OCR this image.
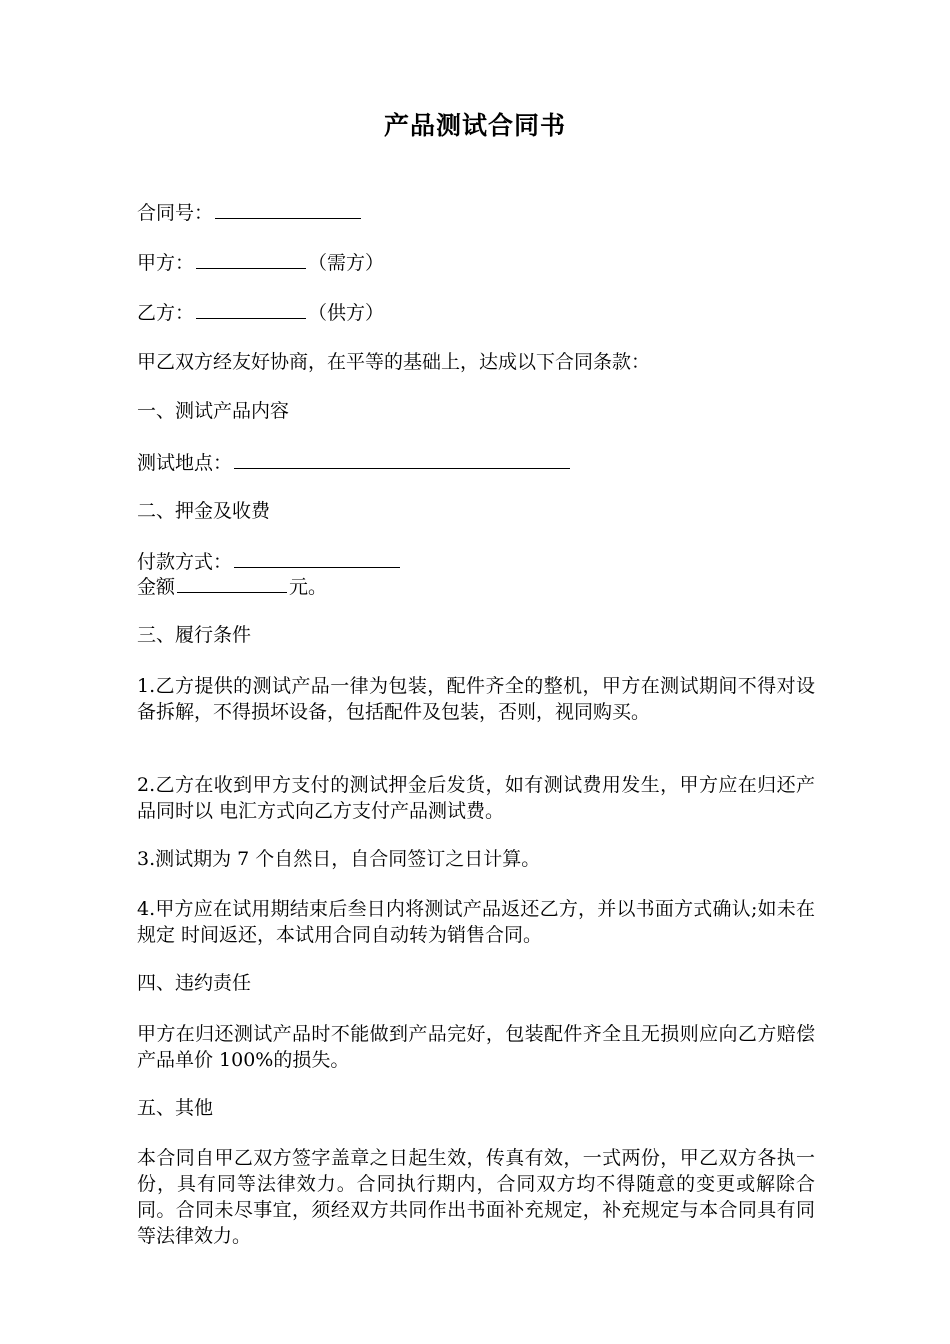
产品测试合同书
合同号：
甲方：	（需方）
乙方：	（供方）
甲乙双方经友好协商，在平等的基础上，达成以下合同条款：
一、测试产品内容
测试地点：
二、押金及收费
付款方式：
金额	元。
三、履行条件
1.乙方提供的测试产品一律为包装，配件齐全的整机，甲方在测试期间不得对设备拆解，不得损坏设备，包括配件及包装，否则，视同购买。
2.乙方在收到甲方支付的测试押金后发货，如有测试费用发生，甲方应在归还产品同时以 电汇方式向乙方支付产品测试费。
3.测试期为 7 个自然日，自合同签订之日计算。
4.甲方应在试用期结束后叁日内将测试产品返还乙方，并以书面方式确认;如未在规定 时间返还，本试用合同自动转为销售合同。
四、违约责任
甲方在归还测试产品时不能做到产品完好，包装配件齐全且无损则应向乙方赔偿产品单价 100%的损失。
五、其他
本合同自甲乙双方签字盖章之日起生效，传真有效，一式两份，甲乙双方各执一份，具有同等法律效力。合同执行期内，合同双方均不得随意的变更或解除合同。合同未尽事宜，须经双方共同作出书面补充规定，补充规定与本合同具有同等法律效力。
